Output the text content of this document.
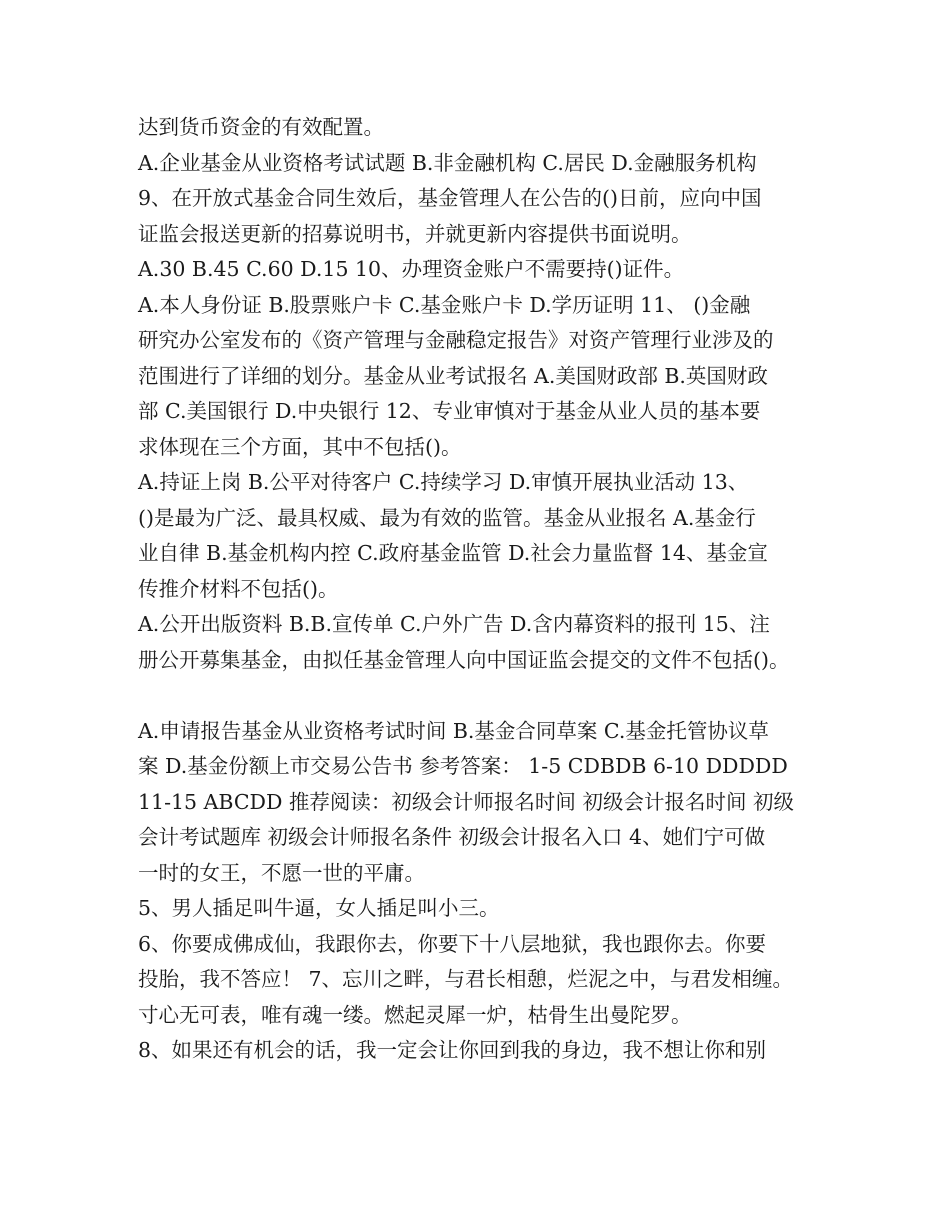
达到货币资金的有效配置。
A.企业基金从业资格考试试题 B.非金融机构 C.居民 D.金融服务机构
9、在开放式基金合同生效后，基金管理人在公告的()日前，应向中国
证监会报送更新的招募说明书，并就更新内容提供书面说明。
A.30 B.45 C.60 D.15 10、办理资金账户不需要持()证件。
A.本人身份证 B.股票账户卡 C.基金账户卡 D.学历证明 11、 ()金融
研究办公室发布的《资产管理与金融稳定报告》对资产管理行业涉及的
范围进行了详细的划分。基金从业考试报名 A.美国财政部 B.英国财政
部 C.美国银行 D.中央银行 12、专业审慎对于基金从业人员的基本要
求体现在三个方面，其中不包括()。
A.持证上岗 B.公平对待客户 C.持续学习 D.审慎开展执业活动 13、
()是最为广泛、最具权威、最为有效的监管。基金从业报名 A.基金行
业自律 B.基金机构内控 C.政府基金监管 D.社会力量监督 14、基金宣
传推介材料不包括()。
A.公开出版资料 B.B.宣传单 C.户外广告 D.含内幕资料的报刊 15、注
册公开募集基金，由拟任基金管理人向中国证监会提交的文件不包括()。
A.申请报告基金从业资格考试时间 B.基金合同草案 C.基金托管协议草
案 D.基金份额上市交易公告书 参考答案： 1-5 CDBDB 6-10 DDDDD
11-15 ABCDD 推荐阅读：初级会计师报名时间 初级会计报名时间 初级
会计考试题库 初级会计师报名条件 初级会计报名入口 4、她们宁可做
一时的女王，不愿一世的平庸。
5、男人插足叫牛逼，女人插足叫小三。
6、你要成佛成仙，我跟你去，你要下十八层地狱，我也跟你去。你要
投胎，我不答应！ 7、忘川之畔，与君长相憩，烂泥之中，与君发相缠。
寸心无可表，唯有魂一缕。燃起灵犀一炉，枯骨生出曼陀罗。
8、如果还有机会的话，我一定会让你回到我的身边，我不想让你和别
